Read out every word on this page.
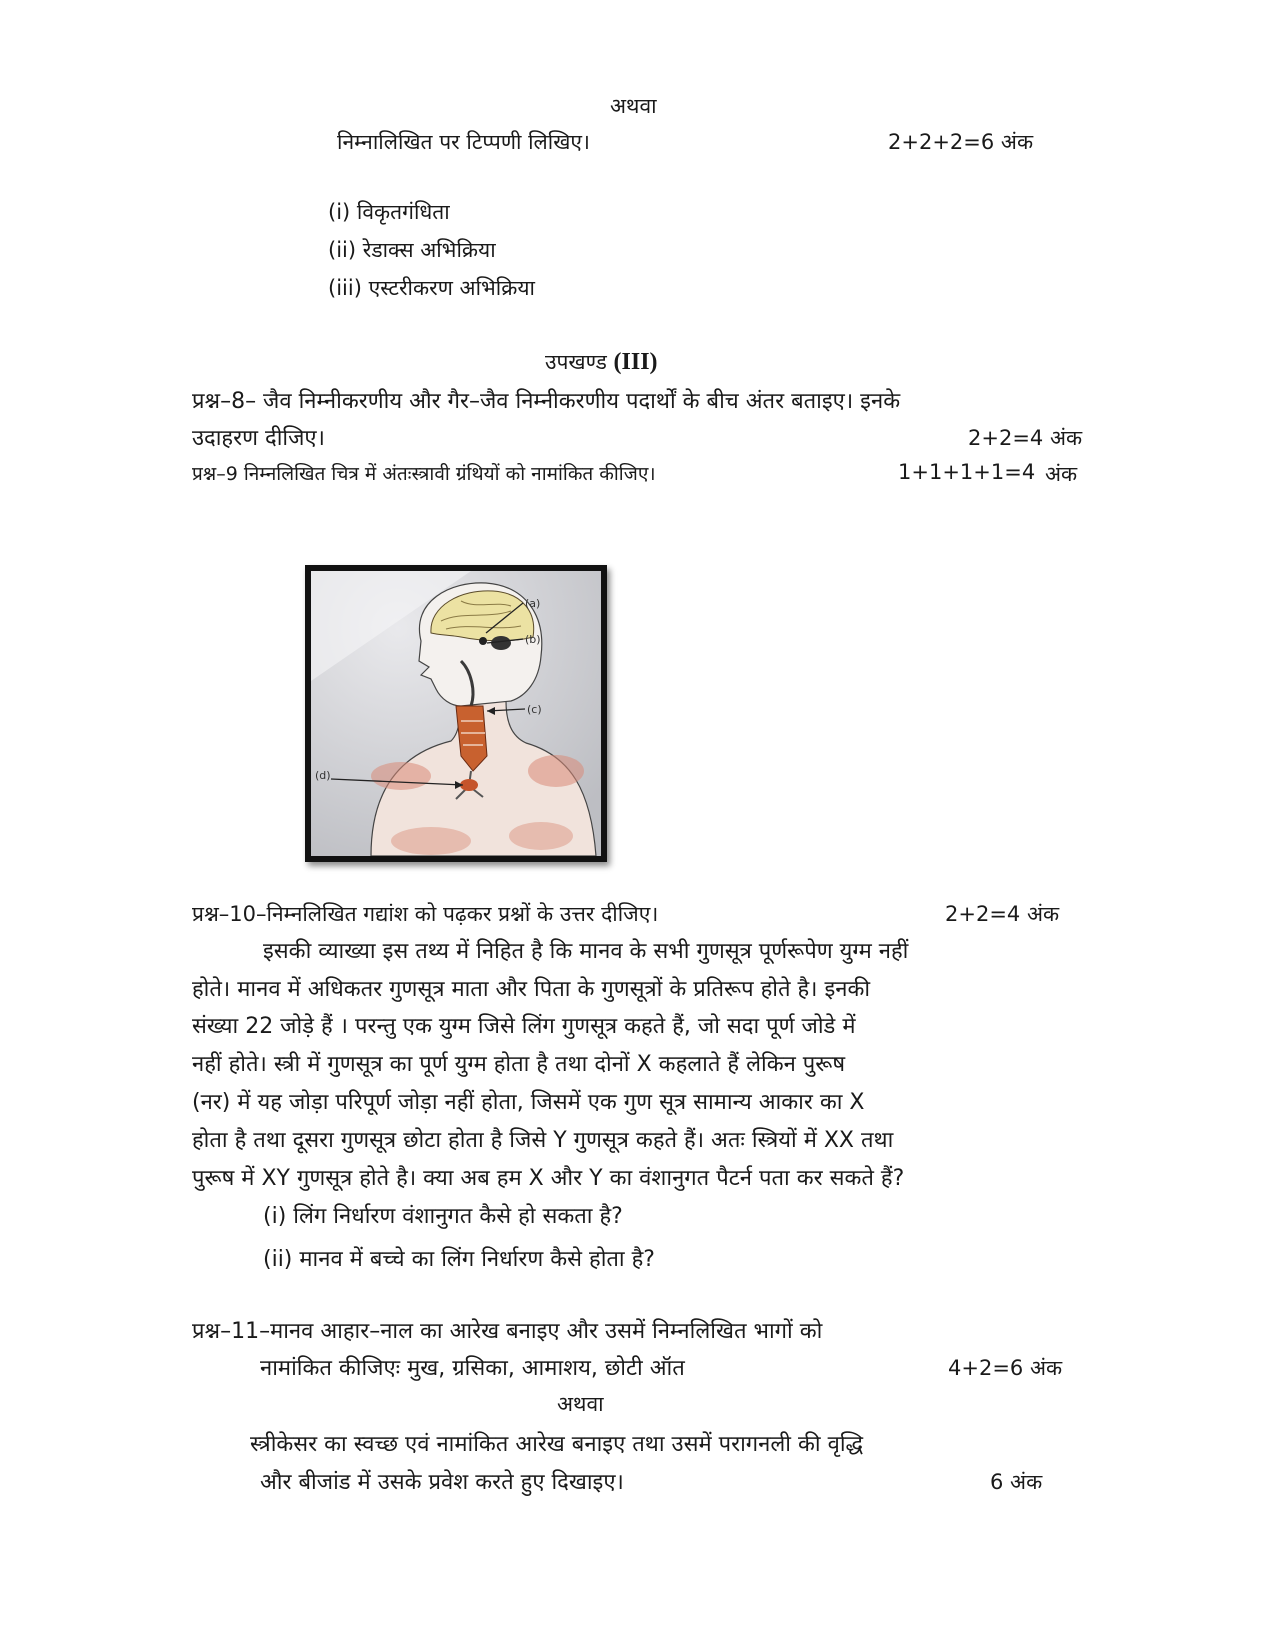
अथवा
निम्नालिखित पर टिप्पणी लिखिए।	2+2+2=6 अंक
(i) विकृतगंधिता
(ii) रेडाक्स अभिक्रिया
(iii) एस्टरीकरण अभिक्रिया
उपखण्ड (III)
प्रश्न–8– जैव निम्नीकरणीय और गैर–जैव निम्नीकरणीय पदार्थों के बीच अंतर बताइए। इनके
उदाहरण दीजिए।	2+2=4 अंक
प्रश्न–9 निम्नलिखित चित्र में अंतःस्त्रावी ग्रंथियों को नामांकित कीजिए।	1+1+1+1=4 अंक
(a)
(b)
(c)
(d)
प्रश्न–10–निम्नलिखित गद्यांश को पढ़कर प्रश्नों के उत्तर दीजिए।	2+2=4 अंक
इसकी व्याख्या इस तथ्य में निहित है कि मानव के सभी गुणसूत्र पूर्णरूपेण युग्म नहीं
होते। मानव में अधिकतर गुणसूत्र माता और पिता के गुणसूत्रों के प्रतिरूप होते है। इनकी
संख्या 22 जोड़े हैं । परन्तु एक युग्म जिसे लिंग गुणसूत्र कहते हैं, जो सदा पूर्ण जोडे में
नहीं होते। स्त्री में गुणसूत्र का पूर्ण युग्म होता है तथा दोनों X कहलाते हैं लेकिन पुरूष
(नर) में यह जोड़ा परिपूर्ण जोड़ा नहीं होता, जिसमें एक गुण सूत्र सामान्य आकार का X
होता है तथा दूसरा गुणसूत्र छोटा होता है जिसे Y गुणसूत्र कहते हैं। अतः स्त्रियों में XX तथा
पुरूष में XY गुणसूत्र होते है। क्या अब हम X और Y का वंशानुगत पैटर्न पता कर सकते हैं?
(i) लिंग निर्धारण वंशानुगत कैसे हो सकता है?
(ii) मानव में बच्चे का लिंग निर्धारण कैसे होता है?
प्रश्न–11–मानव आहार–नाल का आरेख बनाइए और उसमें निम्नलिखित भागों को
नामांकित कीजिएः मुख, ग्रसिका, आमाशय, छोटी ऑत	4+2=6 अंक
अथवा
स्त्रीकेसर का स्वच्छ एवं नामांकित आरेख बनाइए तथा उसमें परागनली की वृद्धि
और बीजांड में उसके प्रवेश करते हुए दिखाइए।	6 अंक
